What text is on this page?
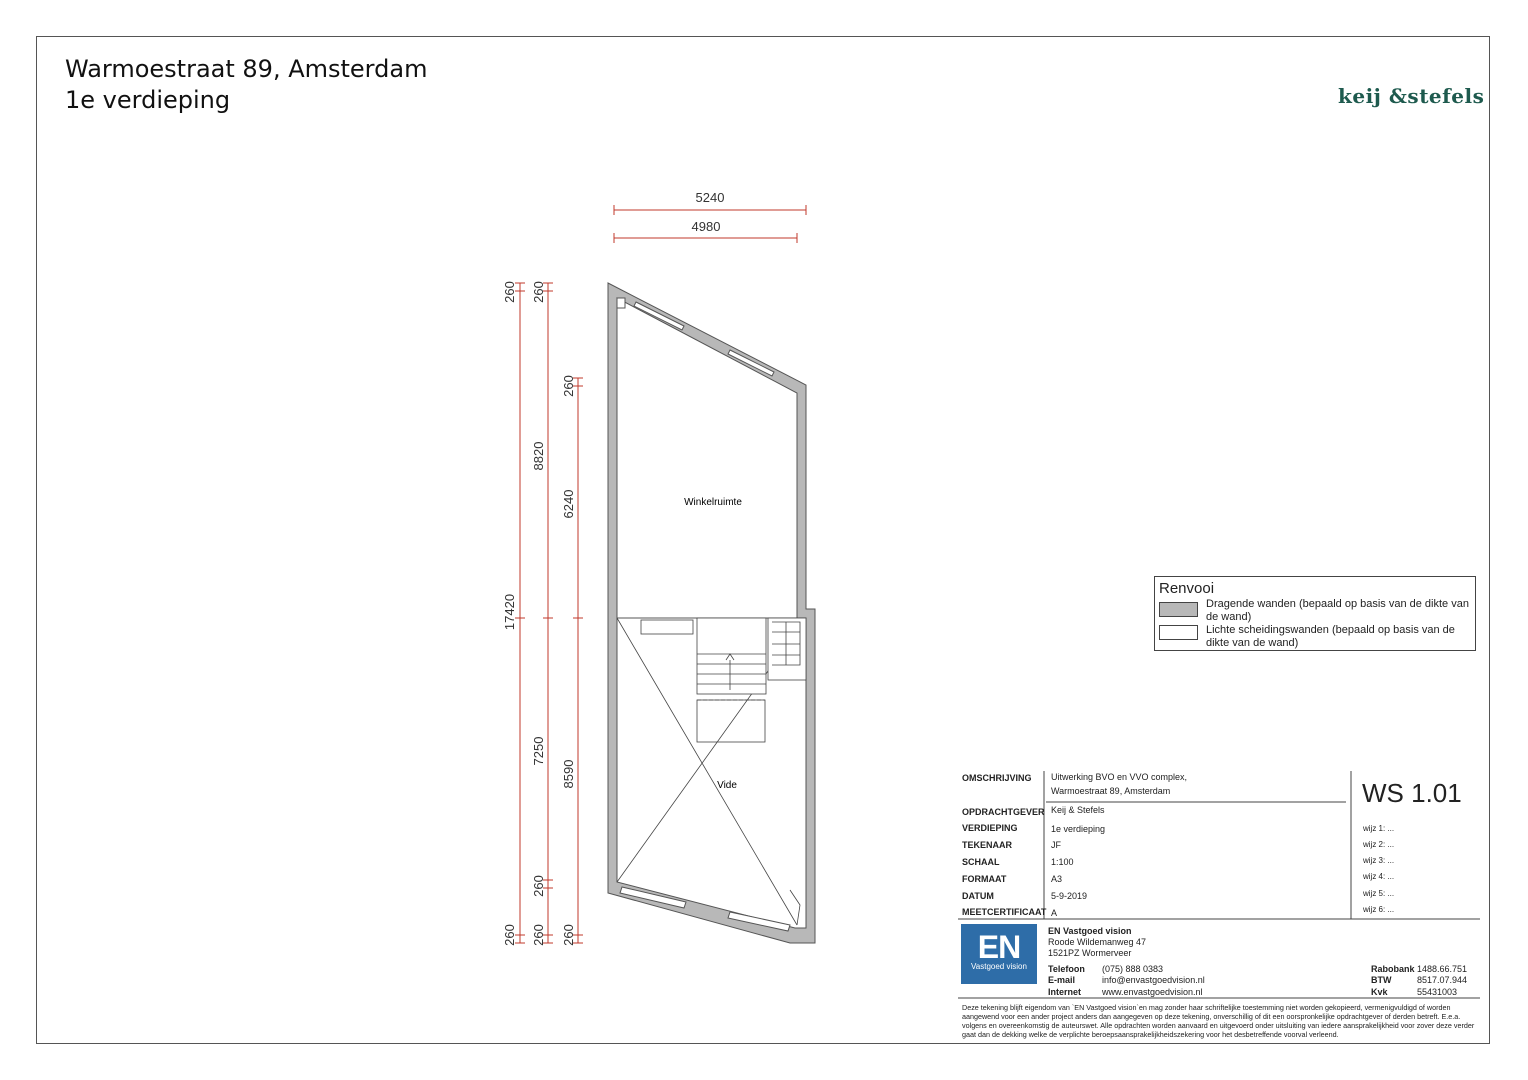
Warmoestraat 89, Amsterdam
1e verdieping	keij &stefels
Winkelruimte
Vide
5240
4980
260
17420
260
260
8820
7250
260
260
260
6240
8590
260
Renvooi
Dragende wanden (bepaald op basis van de dikte van de wand)
Lichte scheidingswanden (bepaald op basis van de dikte van de wand)
OMSCHRIJVING Uitwerking BVO en VVO complex,
Warmoestraat 89, Amsterdam
OPDRACHTGEVER Keij & Stefels
VERDIEPING	1e verdieping
TEKENAAR	JF
SCHAAL	1:100
FORMAAT	A3
DATUM	5-9-2019
MEETCERTIFICAAT A
WS 1.01
wijz 1: ...
wijz 2: ...
wijz 3: ...
wijz 4: ...
wijz 5: ...
wijz 6: ...
EN
Vastgoed vision
EN Vastgoed vision
Roode Wildemanweg 47
1521PZ Wormerveer
Telefoon (075) 888 0383
E-mail	info@envastgoedvision.nl
Internet www.envastgoedvision.nl
Rabobank 1488.66.751
BTW	8517.07.944
Kvk	55431003
Deze tekening blijft eigendom van `EN Vastgoed vision`en mag zonder haar schriftelijke toestemming niet worden gekopieerd, vermenigvuldigd of worden aangewend voor een ander project anders dan aangegeven op deze tekening, onverschillig of dit een oorspronkelijke opdrachtgever of derden betreft. E.e.a. volgens en overeenkomstig de auteurswet. Alle opdrachten worden aanvaard en uitgevoerd onder uitsluiting van iedere aansprakelijkheid voor zover deze verder gaat dan de dekking welke de verplichte beroepsaansprakelijkheidszekering voor het desbetreffende voorval verleend.
